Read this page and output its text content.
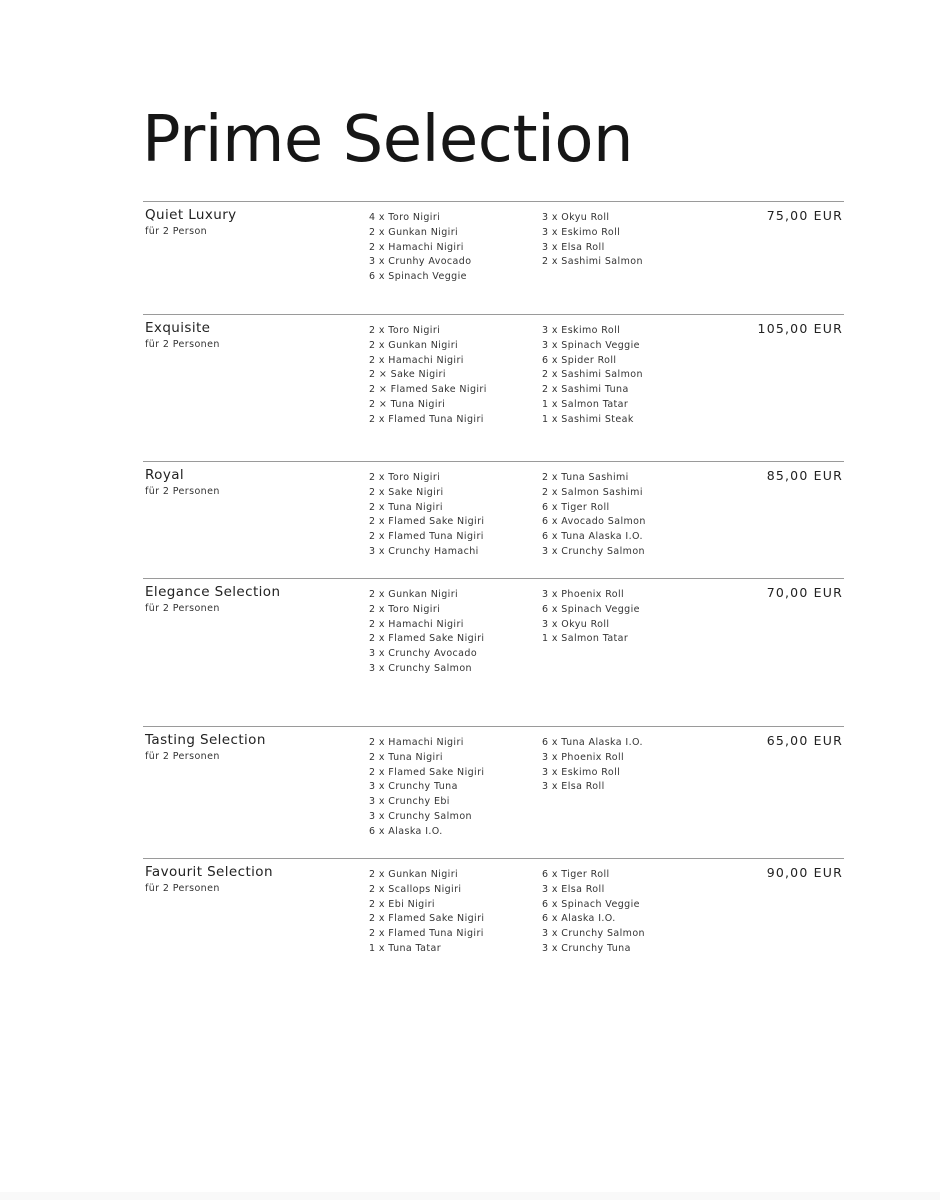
Prime Selection
Quiet Luxury
für 2 Person
4 x Toro Nigiri
2 x Gunkan Nigiri
2 x Hamachi Nigiri
3 x Crunhy Avocado
6 x Spinach Veggie
3 x Okyu Roll
3 x Eskimo Roll
3 x Elsa Roll
2 x Sashimi Salmon
75,00 EUR
Exquisite
für 2 Personen
2 x Toro Nigiri
2 x Gunkan Nigiri
2 x Hamachi Nigiri
2 × Sake Nigiri
2 × Flamed Sake Nigiri
2 × Tuna Nigiri
2 x Flamed Tuna Nigiri
3 x Eskimo Roll
3 x Spinach Veggie
6 x Spider Roll
2 x Sashimi Salmon
2 x Sashimi Tuna
1 x Salmon Tatar
1 x Sashimi Steak
105,00 EUR
Royal
für 2 Personen
2 x Toro Nigiri
2 x Sake Nigiri
2 x Tuna Nigiri
2 x Flamed Sake Nigiri
2 x Flamed Tuna Nigiri
3 x Crunchy Hamachi
2 x Tuna Sashimi
2 x Salmon Sashimi
6 x Tiger Roll
6 x Avocado Salmon
6 x Tuna Alaska I.O.
3 x Crunchy Salmon
85,00 EUR
Elegance Selection
für 2 Personen
2 x Gunkan Nigiri
2 x Toro Nigiri
2 x Hamachi Nigiri
2 x Flamed Sake Nigiri
3 x Crunchy Avocado
3 x Crunchy Salmon
3 x Phoenix Roll
6 x Spinach Veggie
3 x Okyu Roll
1 x Salmon Tatar
70,00 EUR
Tasting Selection
für 2 Personen
2 x Hamachi Nigiri
2 x Tuna Nigiri
2 x Flamed Sake Nigiri
3 x Crunchy Tuna
3 x Crunchy Ebi
3 x Crunchy Salmon
6 x Alaska I.O.
6 x Tuna Alaska I.O.
3 x Phoenix Roll
3 x Eskimo Roll
3 x Elsa Roll
65,00 EUR
Favourit Selection
für 2 Personen
2 x Gunkan Nigiri
2 x Scallops Nigiri
2 x Ebi Nigiri
2 x Flamed Sake Nigiri
2 x Flamed Tuna Nigiri
1 x Tuna Tatar
6 x Tiger Roll
3 x Elsa Roll
6 x Spinach Veggie
6 x Alaska I.O.
3 x Crunchy Salmon
3 x Crunchy Tuna
90,00 EUR
